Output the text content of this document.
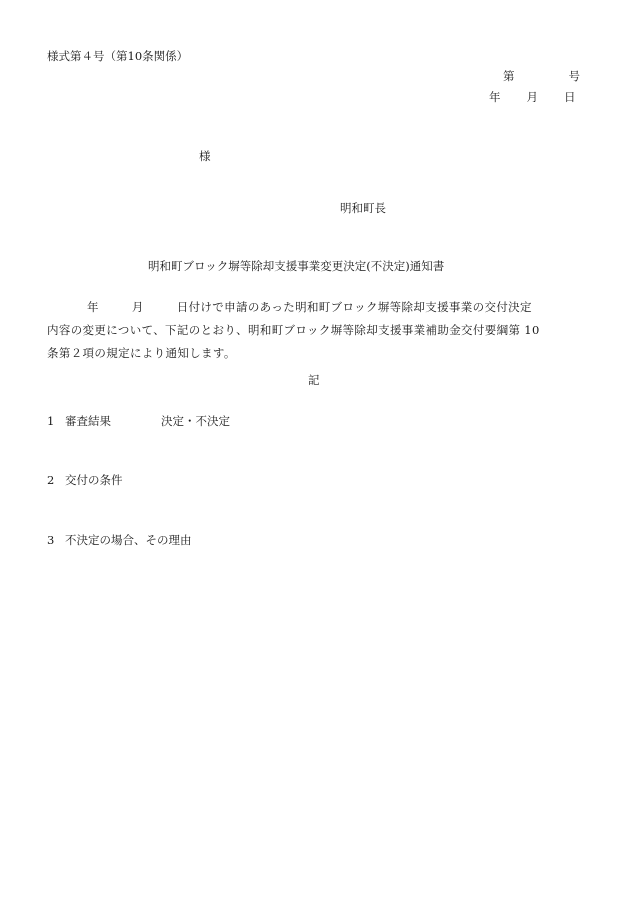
様式第４号（第10条関係）
第	号
年 月 日
様
明和町長
明和町ブロック塀等除却支援事業変更決定(不決定)通知書
年	月	日付けで申請のあった明和町ブロック塀等除却支援事業の交付決定
内容の変更について、下記のとおり、明和町ブロック塀等除却支援事業補助金交付要綱第 10
条第２項の規定により通知します。
記
1 審査結果	決定・不決定
2 交付の条件
3 不決定の場合、その理由
